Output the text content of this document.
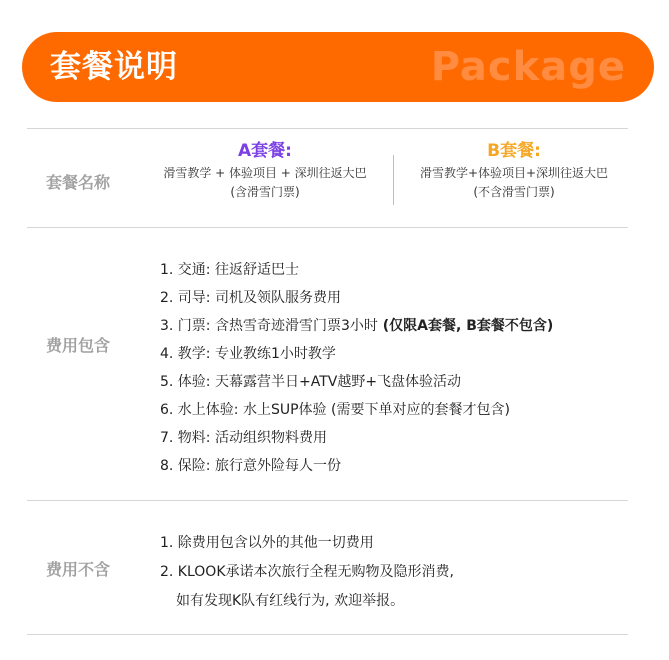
套餐说明	Package
套餐名称
A套餐:
滑雪教学 + 体验项目 + 深圳往返大巴
(含滑雪门票)
B套餐:
滑雪教学+体验项目+深圳往返大巴
(不含滑雪门票)
费用包含
1. 交通: 往返舒适巴士
2. 司导: 司机及领队服务费用
3. 门票: 含热雪奇迹滑雪门票3小时 (仅限A套餐, B套餐不包含)
4. 教学: 专业教练1小时教学
5. 体验: 天幕露营半日+ATV越野+飞盘体验活动
6. 水上体验: 水上SUP体验 (需要下单对应的套餐才包含)
7. 物料: 活动组织物料费用
8. 保险: 旅行意外险每人一份
费用不含
1. 除费用包含以外的其他一切费用
2. KLOOK承诺本次旅行全程无购物及隐形消费,
如有发现K队有红线行为, 欢迎举报。
